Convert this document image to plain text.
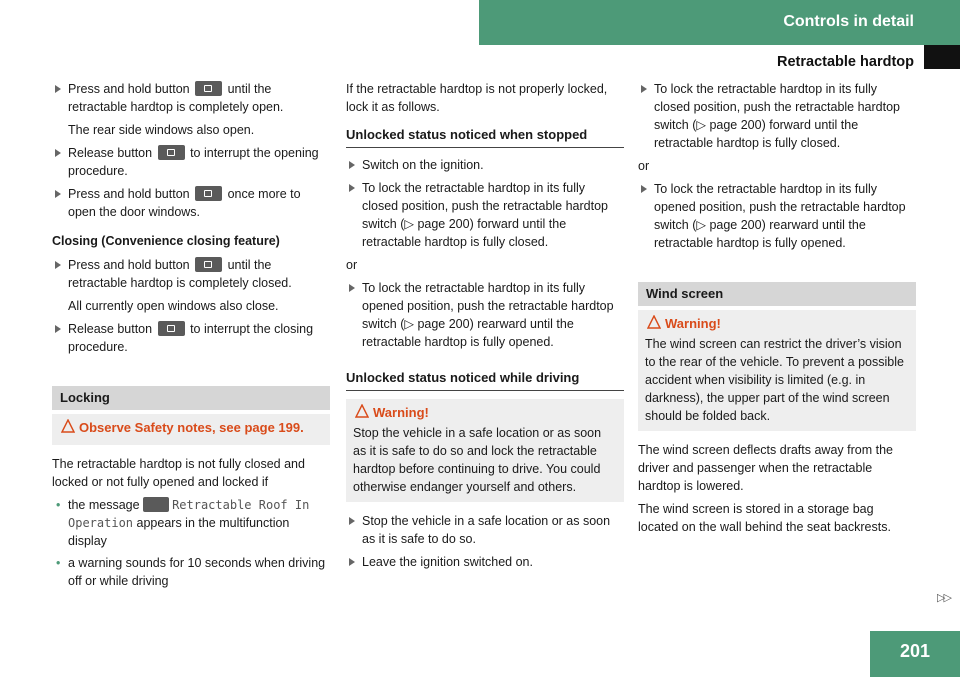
Controls in detail
Retractable hardtop
Press and hold button	until the retractable hardtop is completely open.
The rear side windows also open.
Release button	to interrupt the opening procedure.
Press and hold button	once more to open the door windows.
Closing (Convenience closing feature)
Press and hold button	until the retractable hardtop is completely closed.
All currently open windows also close.
Release button	to interrupt the closing procedure.
Locking
Observe Safety notes, see page 199.
The retractable hardtop is not fully closed and locked or not fully opened and locked if
• the message	Retractable Roof In Operation appears in the multifunction display
• a warning sounds for 10 seconds when driving off or while driving
If the retractable hardtop is not properly locked, lock it as follows.
Unlocked status noticed when stopped
Switch on the ignition.
To lock the retractable hardtop in its fully closed position, push the retractable hardtop switch (▷ page 200) forward until the retractable hardtop is fully closed.
or
To lock the retractable hardtop in its fully opened position, push the retractable hardtop switch (▷ page 200) rearward until the retractable hardtop is fully opened.
Unlocked status noticed while driving
Warning!
Stop the vehicle in a safe location or as soon as it is safe to do so and lock the retractable hardtop before continuing to drive. You could otherwise endanger yourself and others.
Stop the vehicle in a safe location or as soon as it is safe to do so.
Leave the ignition switched on.
To lock the retractable hardtop in its fully closed position, push the retractable hardtop switch (▷ page 200) forward until the retractable hardtop is fully closed.
or
To lock the retractable hardtop in its fully opened position, push the retractable hardtop switch (▷ page 200) rearward until the retractable hardtop is fully opened.
Wind screen
Warning!
The wind screen can restrict the driver’s vision to the rear of the vehicle. To prevent a possible accident when visibility is limited (e.g. in darkness), the upper part of the wind screen should be folded back.
The wind screen deflects drafts away from the driver and passenger when the retractable hardtop is lowered.
The wind screen is stored in a storage bag located on the wall behind the seat backrests.
▷▷
201
